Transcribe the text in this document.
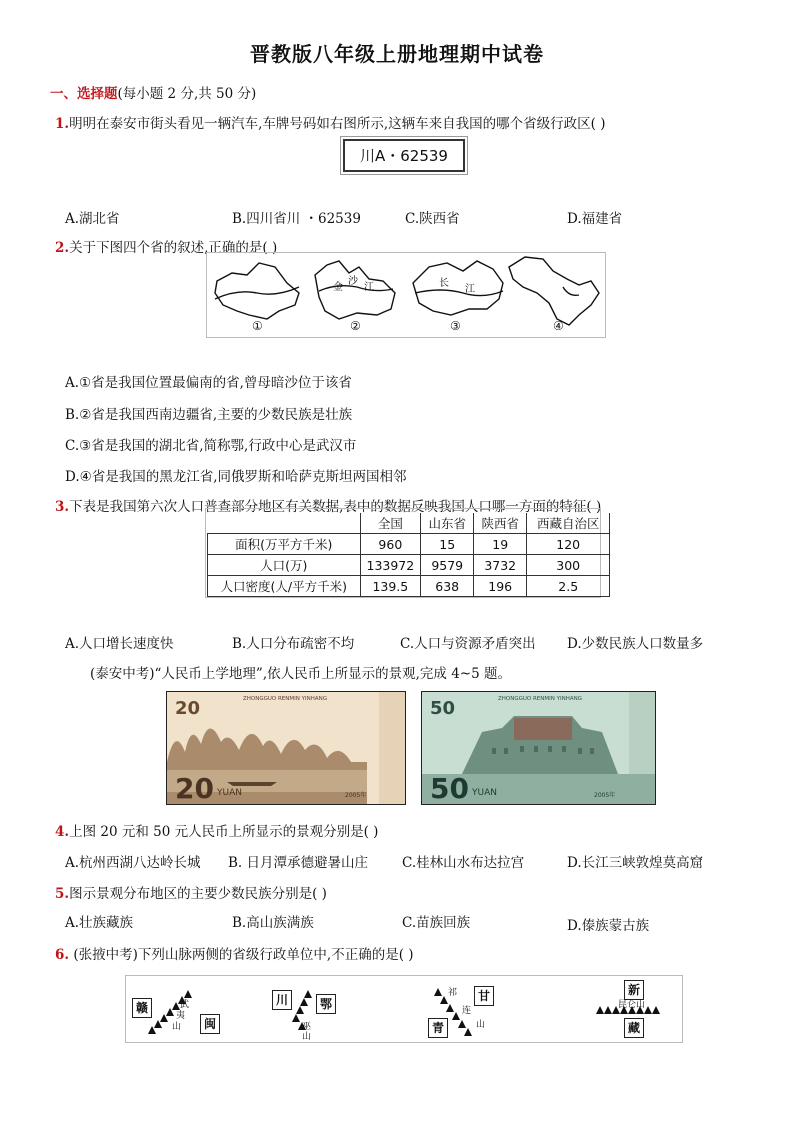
晋教版八年级上册地理期中试卷
一、选择题(每小题 2 分,共 50 分)
1.明明在泰安市街头看见一辆汽车,车牌号码如右图所示,这辆车来自我国的哪个省级行政区( )
川A・62539
A.湖北省	B.四川省川 ・62539	C.陕西省	D.福建省
2.关于下图四个省的叙述,正确的是( )
金
沙
江	长
江
①	②	③	④
A.①省是我国位置最偏南的省,曾母暗沙位于该省
B.②省是我国西南边疆省,主要的少数民族是壮族
C.③省是我国的湖北省,简称鄂,行政中心是武汉市
D.④省是我国的黑龙江省,同俄罗斯和哈萨克斯坦两国相邻
3.下表是我国第六次人口普查部分地区有关数据,表中的数据反映我国人口哪一方面的特征( )
	全国	山东省	陕西省	西藏自治区
面积(万平方千米)	960	15	19	120
人口(万)	133972	9579	3732	300
人口密度(人/平方千米)	139.5	638	196	2.5
A.人口增长速度快	B.人口分布疏密不均	C.人口与资源矛盾突出 D.少数民族人口数量多
(泰安中考)“人民币上学地理”,依人民币上所显示的景观,完成 4~5 题。
20	ZHONGGUO RENMIN YINHANG
20 YUAN	2005年
50	ZHONGGUO RENMIN YINHANG
50 YUAN	2005年
4.上图 20 元和 50 元人民币上所显示的景观分别是( )
A.杭州西湖八达岭长城 B. 日月潭承德避暑山庄	C.桂林山水布达拉宫	D.长江三峡敦煌莫高窟
5.图示景观分布地区的主要少数民族分别是( )
A.壮族藏族	B.高山族满族	C.苗族回族	D.傣族蒙古族
6. (张掖中考)下列山脉两侧的省级行政单位中,不正确的是( )
赣
闽
武
夷
山
川	鄂
巫
山
甘
青
祁
连
山
新
藏
昆仑山
